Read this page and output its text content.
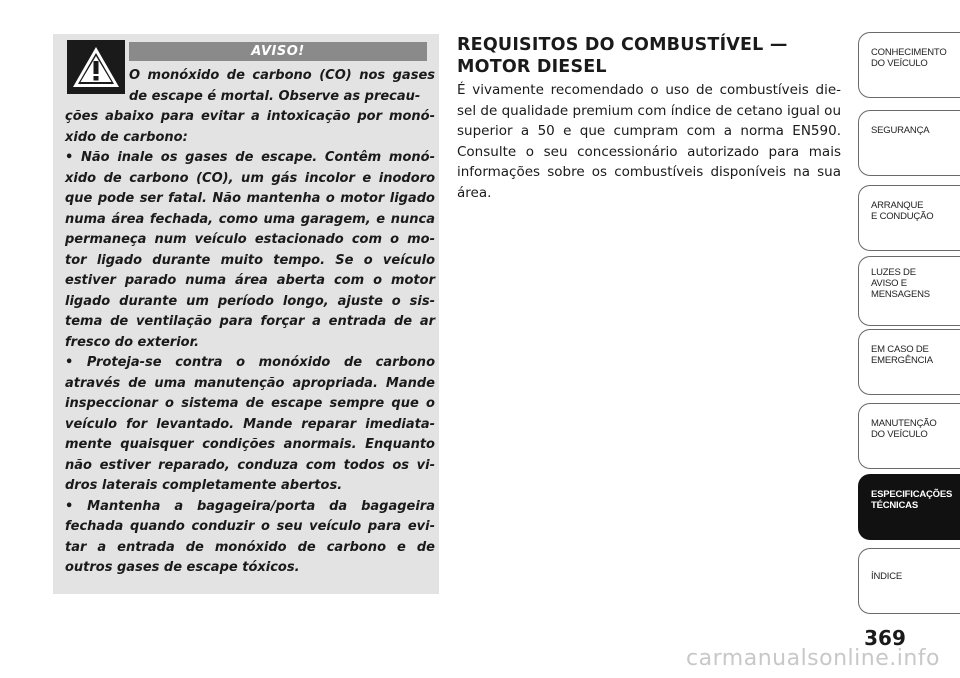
AVISO!
O monóxido de carbono (CO) nos gases de escape é mortal. Observe as precau-

ções abaixo para evitar a intoxicação por monó-xido de carbono:

• Não inale os gases de escape. Contêm monó-xido de carbono (CO), um gás incolor e inodoro que pode ser fatal. Não mantenha o motor ligado numa área fechada, como uma garagem, e nunca permaneça num veículo estacionado com o mo-tor ligado durante muito tempo. Se o veículo estiver parado numa área aberta com o motor ligado durante um período longo, ajuste o sis-tema de ventilação para forçar a entrada de ar fresco do exterior.

• Proteja-se contra o monóxido de carbono através de uma manutenção apropriada. Mande inspeccionar o sistema de escape sempre que o veículo for levantado. Mande reparar imediata-mente quaisquer condições anormais. Enquanto não estiver reparado, conduza com todos os vi-dros laterais completamente abertos.

• Mantenha a bagageira/porta da bagageira fechada quando conduzir o seu veículo para evi-tar a entrada de monóxido de carbono e de outros gases de escape tóxicos.

REQUISITOS DO COMBUSTÍVEL — MOTOR DIESEL

É vivamente recomendado o uso de combustíveis die-sel de qualidade premium com índice de cetano igual ou superior a 50 e que cumpram com a norma EN590. Consulte o seu concessionário autorizado para mais informações sobre os combustíveis disponíveis na sua área.

CONHECIMENTO
DO VEÍCULO
SEGURANÇA
ARRANQUE
E CONDUÇÃO
LUZES DE
AVISO E
MENSAGENS
EM CASO DE
EMERGÊNCIA
MANUTENÇÃO
DO VEÍCULO
ESPECIFICAÇÕES
TÉCNICAS
ÍNDICE
369
carmanualsonline.info
